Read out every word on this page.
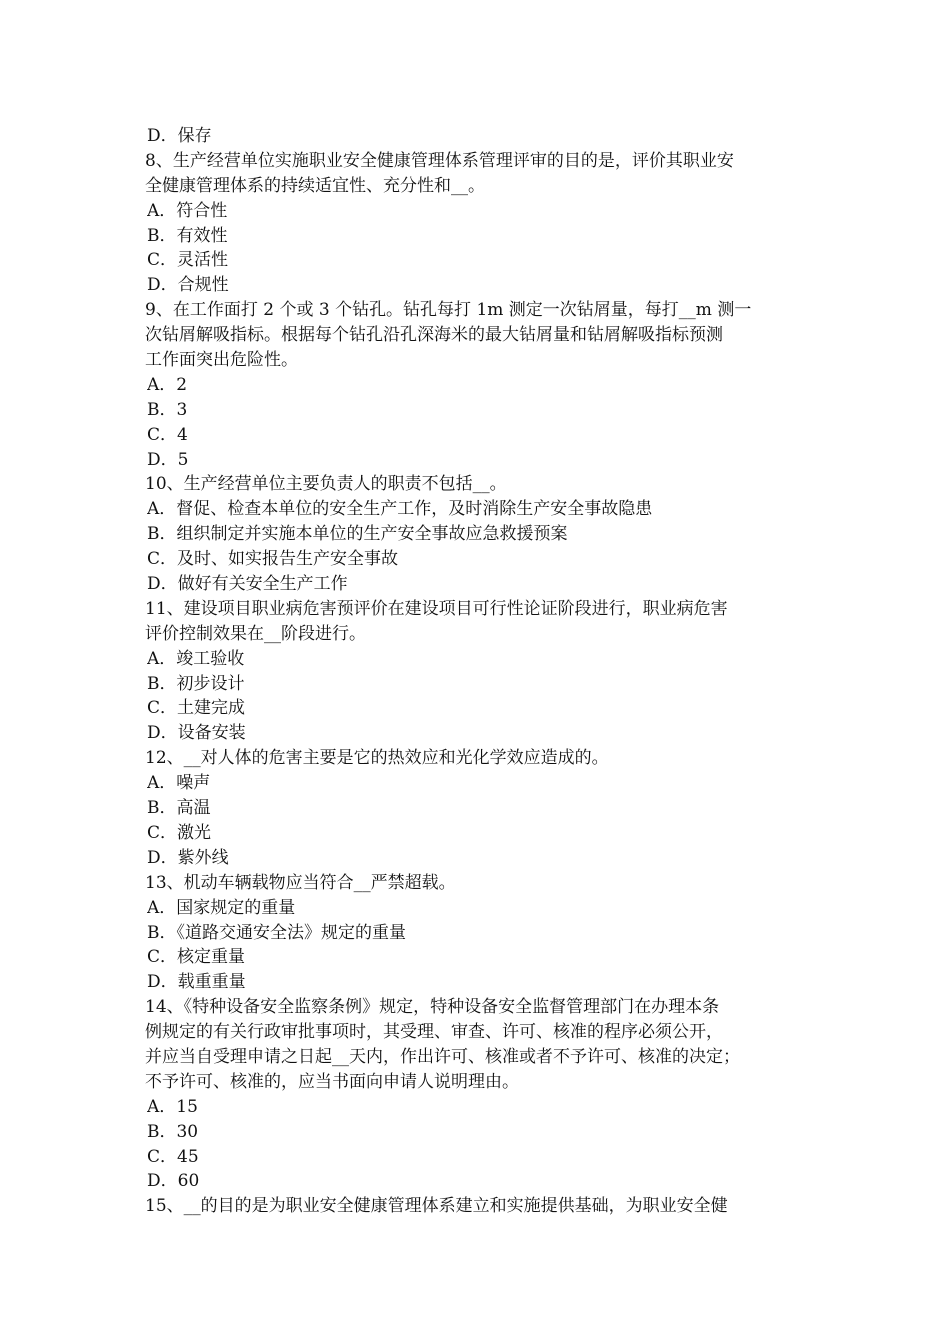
D．保存
8、生产经营单位实施职业安全健康管理体系管理评审的目的是，评价其职业安
全健康管理体系的持续适宜性、充分性和__。
A．符合性
B．有效性
C．灵活性
D．合规性
9、在工作面打 2 个或 3 个钻孔。钻孔每打 1m 测定一次钻屑量，每打__m 测一
次钻屑解吸指标。根据每个钻孔沿孔深海米的最大钻屑量和钻屑解吸指标预测
工作面突出危险性。
A．2
B．3
C．4
D．5
10、生产经营单位主要负责人的职责不包括__。
A．督促、检查本单位的安全生产工作，及时消除生产安全事故隐患
B．组织制定并实施本单位的生产安全事故应急救援预案
C．及时、如实报告生产安全事故
D．做好有关安全生产工作
11、建设项目职业病危害预评价在建设项目可行性论证阶段进行，职业病危害
评价控制效果在__阶段进行。
A．竣工验收
B．初步设计
C．土建完成
D．设备安装
12、__对人体的危害主要是它的热效应和光化学效应造成的。
A．噪声
B．高温
C．激光
D．紫外线
13、机动车辆载物应当符合__严禁超载。
A．国家规定的重量
B．《道路交通安全法》规定的重量
C．核定重量
D．载重重量
14、《特种设备安全监察条例》规定，特种设备安全监督管理部门在办理本条
例规定的有关行政审批事项时，其受理、审查、许可、核准的程序必须公开，
并应当自受理申请之日起__天内，作出许可、核准或者不予许可、核准的决定；
不予许可、核准的，应当书面向申请人说明理由。
A．15
B．30
C．45
D．60
15、__的目的是为职业安全健康管理体系建立和实施提供基础，为职业安全健
